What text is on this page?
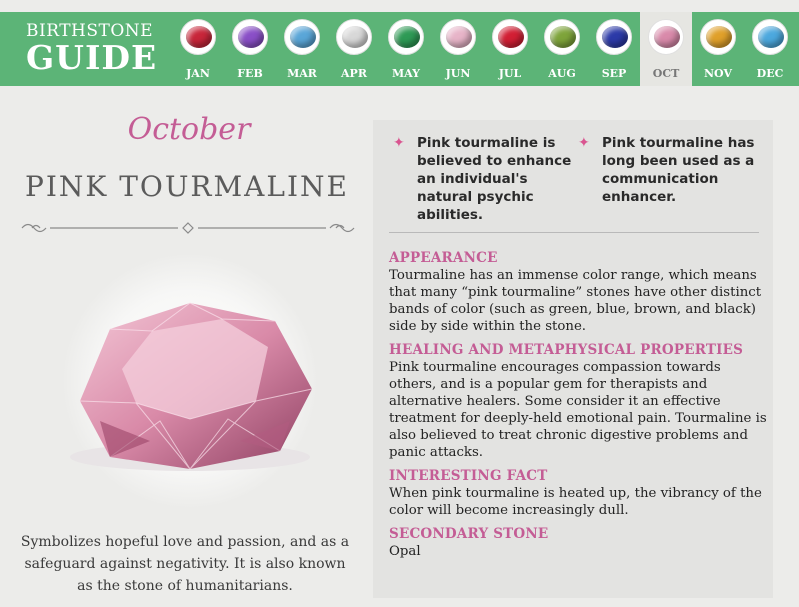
BIRTHSTONE
GUIDE	JAN	FEB	MAR	APR	MAY	JUN	JUL	AUG	SEP	OCT	NOV	DEC
October
PINK TOURMALINE
Symbolizes hopeful love and passion, and as a safeguard against negativity. It is also known as the stone of humanitarians.
✦ Pink tourmaline is believed to enhance an individual's natural psychic abilities.
✦ Pink tourmaline has long been used as a communication enhancer.
APPEARANCE
Tourmaline has an immense color range, which means that many “pink tourmaline” stones have other distinct bands of color (such as green, blue, brown, and black) side by side within the stone.
HEALING AND METAPHYSICAL PROPERTIES
Pink tourmaline encourages compassion towards others, and is a popular gem for therapists and alternative healers. Some consider it an effective treatment for deeply-held emotional pain. Tourmaline is also believed to treat chronic digestive problems and panic attacks.
INTERESTING FACT
When pink tourmaline is heated up, the vibrancy of the color will become increasingly dull.
SECONDARY STONE
Opal
